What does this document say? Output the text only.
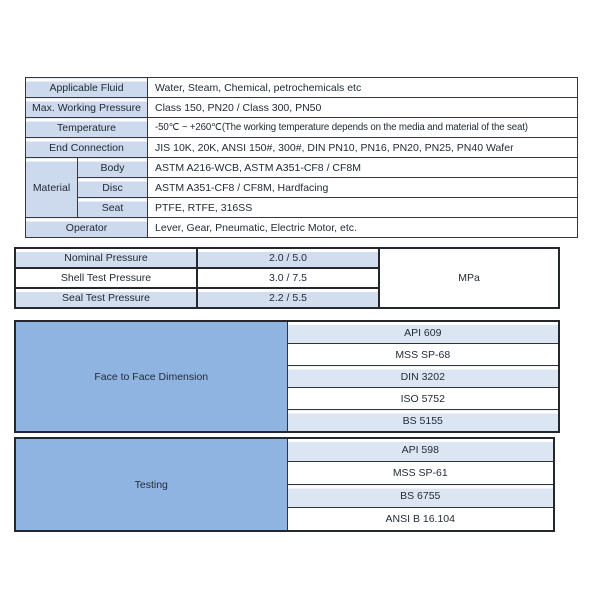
Applicable Fluid		Water, Steam, Chemical, petrochemicals etc
Max. Working Pressure		Class 150, PN20 / Class 300, PN50
Temperature		-50℃ ~ +260℃(The working temperature depends on the media and material of the seat)
End Connection		JIS 10K, 20K, ANSI 150#, 300#, DIN PN10, PN16, PN20, PN25, PN40 Wafer
Material	Body	ASTM A216-WCB, ASTM A351-CF8 / CF8M
	Disc	ASTM A351-CF8 / CF8M, Hardfacing
	Seat	PTFE, RTFE, 316SS
Operator		Lever, Gear, Pneumatic, Electric Motor, etc.
Nominal Pressure	2.0 / 5.0	MPa
Shell Test Pressure	3.0 / 7.5	
Seal Test Pressure	2.2 / 5.5	
Face to Face Dimension	API 609
MSS SP-68
DIN 3202
ISO 5752
BS 5155
Testing	API 598
MSS SP-61
BS 6755
ANSI B 16.104
